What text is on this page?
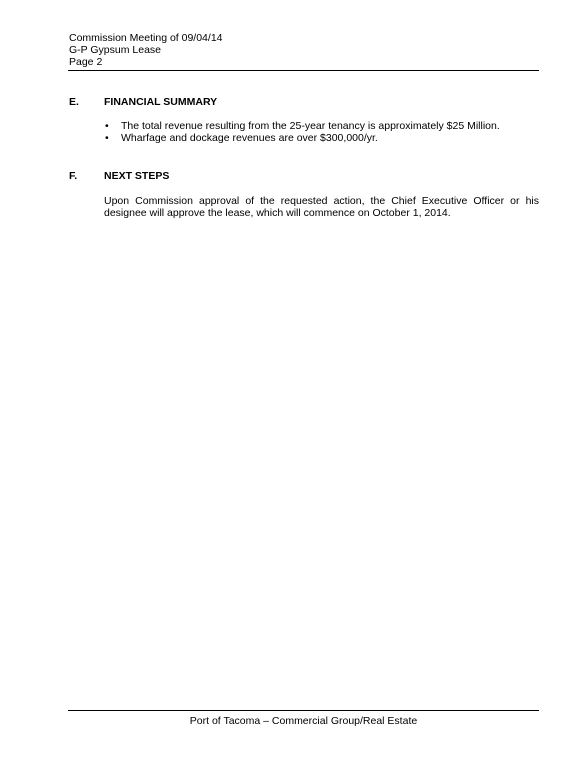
Commission Meeting of 09/04/14
G-P Gypsum Lease
Page 2
E. FINANCIAL SUMMARY
• The total revenue resulting from the 25-year tenancy is approximately $25 Million.
• Wharfage and dockage revenues are over $300,000/yr.
F.	NEXT STEPS

Upon Commission approval of the requested action, the Chief Executive Officer or his designee will approve the lease, which will commence on October 1, 2014.

Port of Tacoma – Commercial Group/Real Estate
